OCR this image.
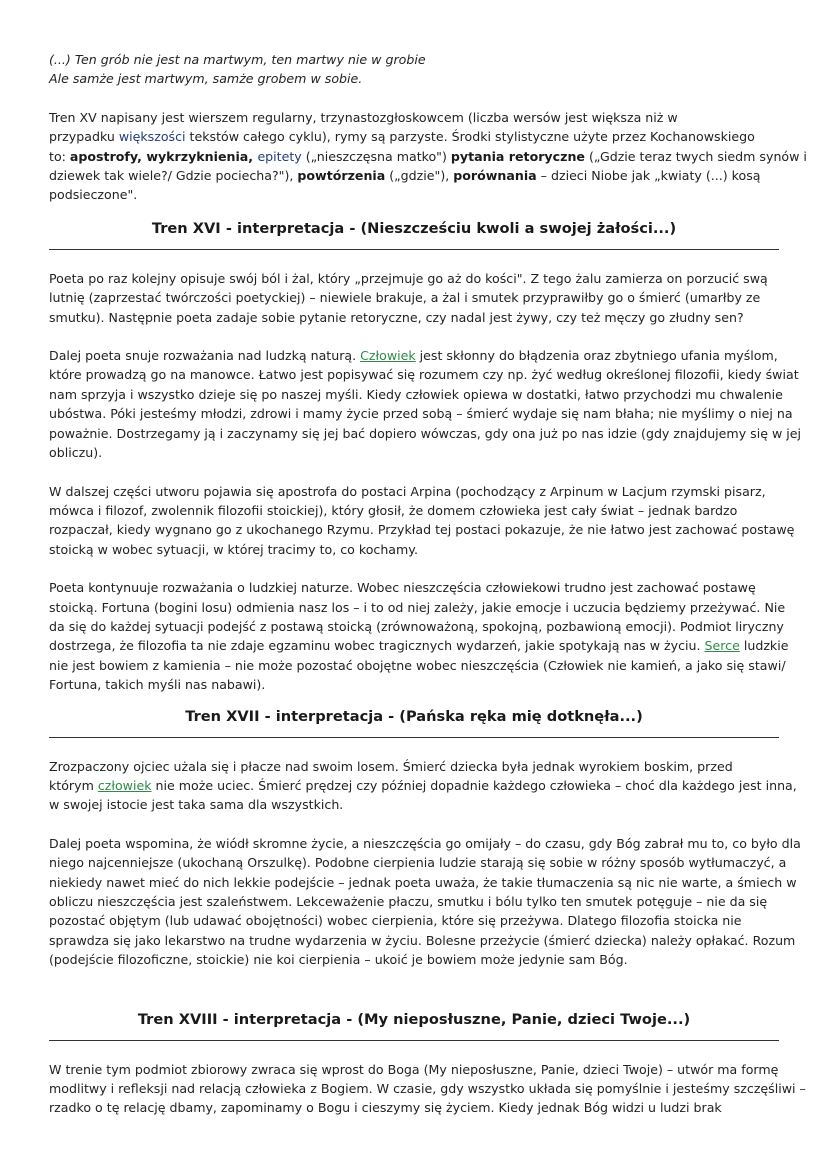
(...) Ten grób nie jest na martwym, ten martwy nie w grobie
Ale samże jest martwym, samże grobem w sobie.

Tren XV napisany jest wierszem regularny, trzynastozgłoskowcem (liczba wersów jest większa niż w
przypadku większości tekstów całego cyklu), rymy są parzyste. Środki stylistyczne użyte przez Kochanowskiego
to: apostrofy, wykrzyknienia, epitety („nieszczęsna matko") pytania retoryczne („Gdzie teraz twych siedm synów i
dziewek tak wiele?/ Gdzie pociecha?"), powtórzenia („gdzie"), porównania – dzieci Niobe jak „kwiaty (...) kosą
podsieczone".

Tren XVI - interpretacja - (Nieszcześciu kwoli a swojej żałości...)

Poeta po raz kolejny opisuje swój ból i żal, który „przejmuje go aż do kości". Z tego żalu zamierza on porzucić swą
lutnię (zaprzestać twórczości poetyckiej) – niewiele brakuje, a żal i smutek przyprawiłby go o śmierć (umarłby ze
smutku). Następnie poeta zadaje sobie pytanie retoryczne, czy nadal jest żywy, czy też męczy go złudny sen?

Dalej poeta snuje rozważania nad ludzką naturą. Człowiek jest skłonny do błądzenia oraz zbytniego ufania myślom,
które prowadzą go na manowce. Łatwo jest popisywać się rozumem czy np. żyć według określonej filozofii, kiedy świat
nam sprzyja i wszystko dzieje się po naszej myśli. Kiedy człowiek opiewa w dostatki, łatwo przychodzi mu chwalenie
ubóstwa. Póki jesteśmy młodzi, zdrowi i mamy życie przed sobą – śmierć wydaje się nam błaha; nie myślimy o niej na
poważnie. Dostrzegamy ją i zaczynamy się jej bać dopiero wówczas, gdy ona już po nas idzie (gdy znajdujemy się w jej
obliczu).

W dalszej części utworu pojawia się apostrofa do postaci Arpina (pochodzący z Arpinum w Lacjum rzymski pisarz,
mówca i filozof, zwolennik filozofii stoickiej), który głosił, że domem człowieka jest cały świat – jednak bardzo
rozpaczał, kiedy wygnano go z ukochanego Rzymu. Przykład tej postaci pokazuje, że nie łatwo jest zachować postawę
stoicką w wobec sytuacji, w której tracimy to, co kochamy.

Poeta kontynuuje rozważania o ludzkiej naturze. Wobec nieszczęścia człowiekowi trudno jest zachować postawę
stoicką. Fortuna (bogini losu) odmienia nasz los – i to od niej zależy, jakie emocje i uczucia będziemy przeżywać. Nie
da się do każdej sytuacji podejść z postawą stoicką (zrównoważoną, spokojną, pozbawioną emocji). Podmiot liryczny
dostrzega, że filozofia ta nie zdaje egzaminu wobec tragicznych wydarzeń, jakie spotykają nas w życiu. Serce ludzkie
nie jest bowiem z kamienia – nie może pozostać obojętne wobec nieszczęścia (Człowiek nie kamień, a jako się stawi/
Fortuna, takich myśli nas nabawi).

Tren XVII - interpretacja - (Pańska ręka mię dotknęła...)

Zrozpaczony ojciec użala się i płacze nad swoim losem. Śmierć dziecka była jednak wyrokiem boskim, przed
którym człowiek nie może uciec. Śmierć prędzej czy później dopadnie każdego człowieka – choć dla każdego jest inna,
w swojej istocie jest taka sama dla wszystkich.

Dalej poeta wspomina, że wiódł skromne życie, a nieszczęścia go omijały – do czasu, gdy Bóg zabrał mu to, co było dla
niego najcenniejsze (ukochaną Orszulkę). Podobne cierpienia ludzie starają się sobie w różny sposób wytłumaczyć, a
niekiedy nawet mieć do nich lekkie podejście – jednak poeta uważa, że takie tłumaczenia są nic nie warte, a śmiech w
obliczu nieszczęścia jest szaleństwem. Lekceważenie płaczu, smutku i bólu tylko ten smutek potęguje – nie da się
pozostać objętym (lub udawać obojętności) wobec cierpienia, które się przeżywa. Dlatego filozofia stoicka nie
sprawdza się jako lekarstwo na trudne wydarzenia w życiu. Bolesne przeżycie (śmierć dziecka) należy opłakać. Rozum
(podejście filozoficzne, stoickie) nie koi cierpienia – ukoić je bowiem może jedynie sam Bóg.

Tren XVIII - interpretacja - (My nieposłuszne, Panie, dzieci Twoje...)

W trenie tym podmiot zbiorowy zwraca się wprost do Boga (My nieposłuszne, Panie, dzieci Twoje) – utwór ma formę
modlitwy i refleksji nad relacją człowieka z Bogiem. W czasie, gdy wszystko układa się pomyślnie i jesteśmy szczęśliwi –
rzadko o tę relację dbamy, zapominamy o Bogu i cieszymy się życiem. Kiedy jednak Bóg widzi u ludzi brak
